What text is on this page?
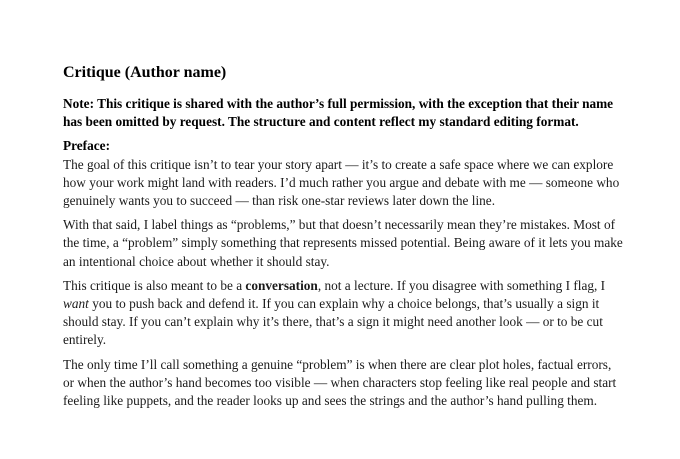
Critique (Author name)

Note: This critique is shared with the author’s full permission, with the exception that their name has been omitted by request. The structure and content reflect my standard editing format.

Preface:

The goal of this critique isn’t to tear your story apart — it’s to create a safe space where we can explore how your work might land with readers. I’d much rather you argue and debate with me — someone who genuinely wants you to succeed — than risk one-star reviews later down the line.

With that said, I label things as “problems,” but that doesn’t necessarily mean they’re mistakes. Most of the time, a “problem” simply something that represents missed potential. Being aware of it lets you make an intentional choice about whether it should stay.

This critique is also meant to be a conversation, not a lecture. If you disagree with something I flag, I want you to push back and defend it. If you can explain why a choice belongs, that’s usually a sign it should stay. If you can’t explain why it’s there, that’s a sign it might need another look — or to be cut entirely.

The only time I’ll call something a genuine “problem” is when there are clear plot holes, factual errors, or when the author’s hand becomes too visible — when characters stop feeling like real people and start feeling like puppets, and the reader looks up and sees the strings and the author’s hand pulling them.
